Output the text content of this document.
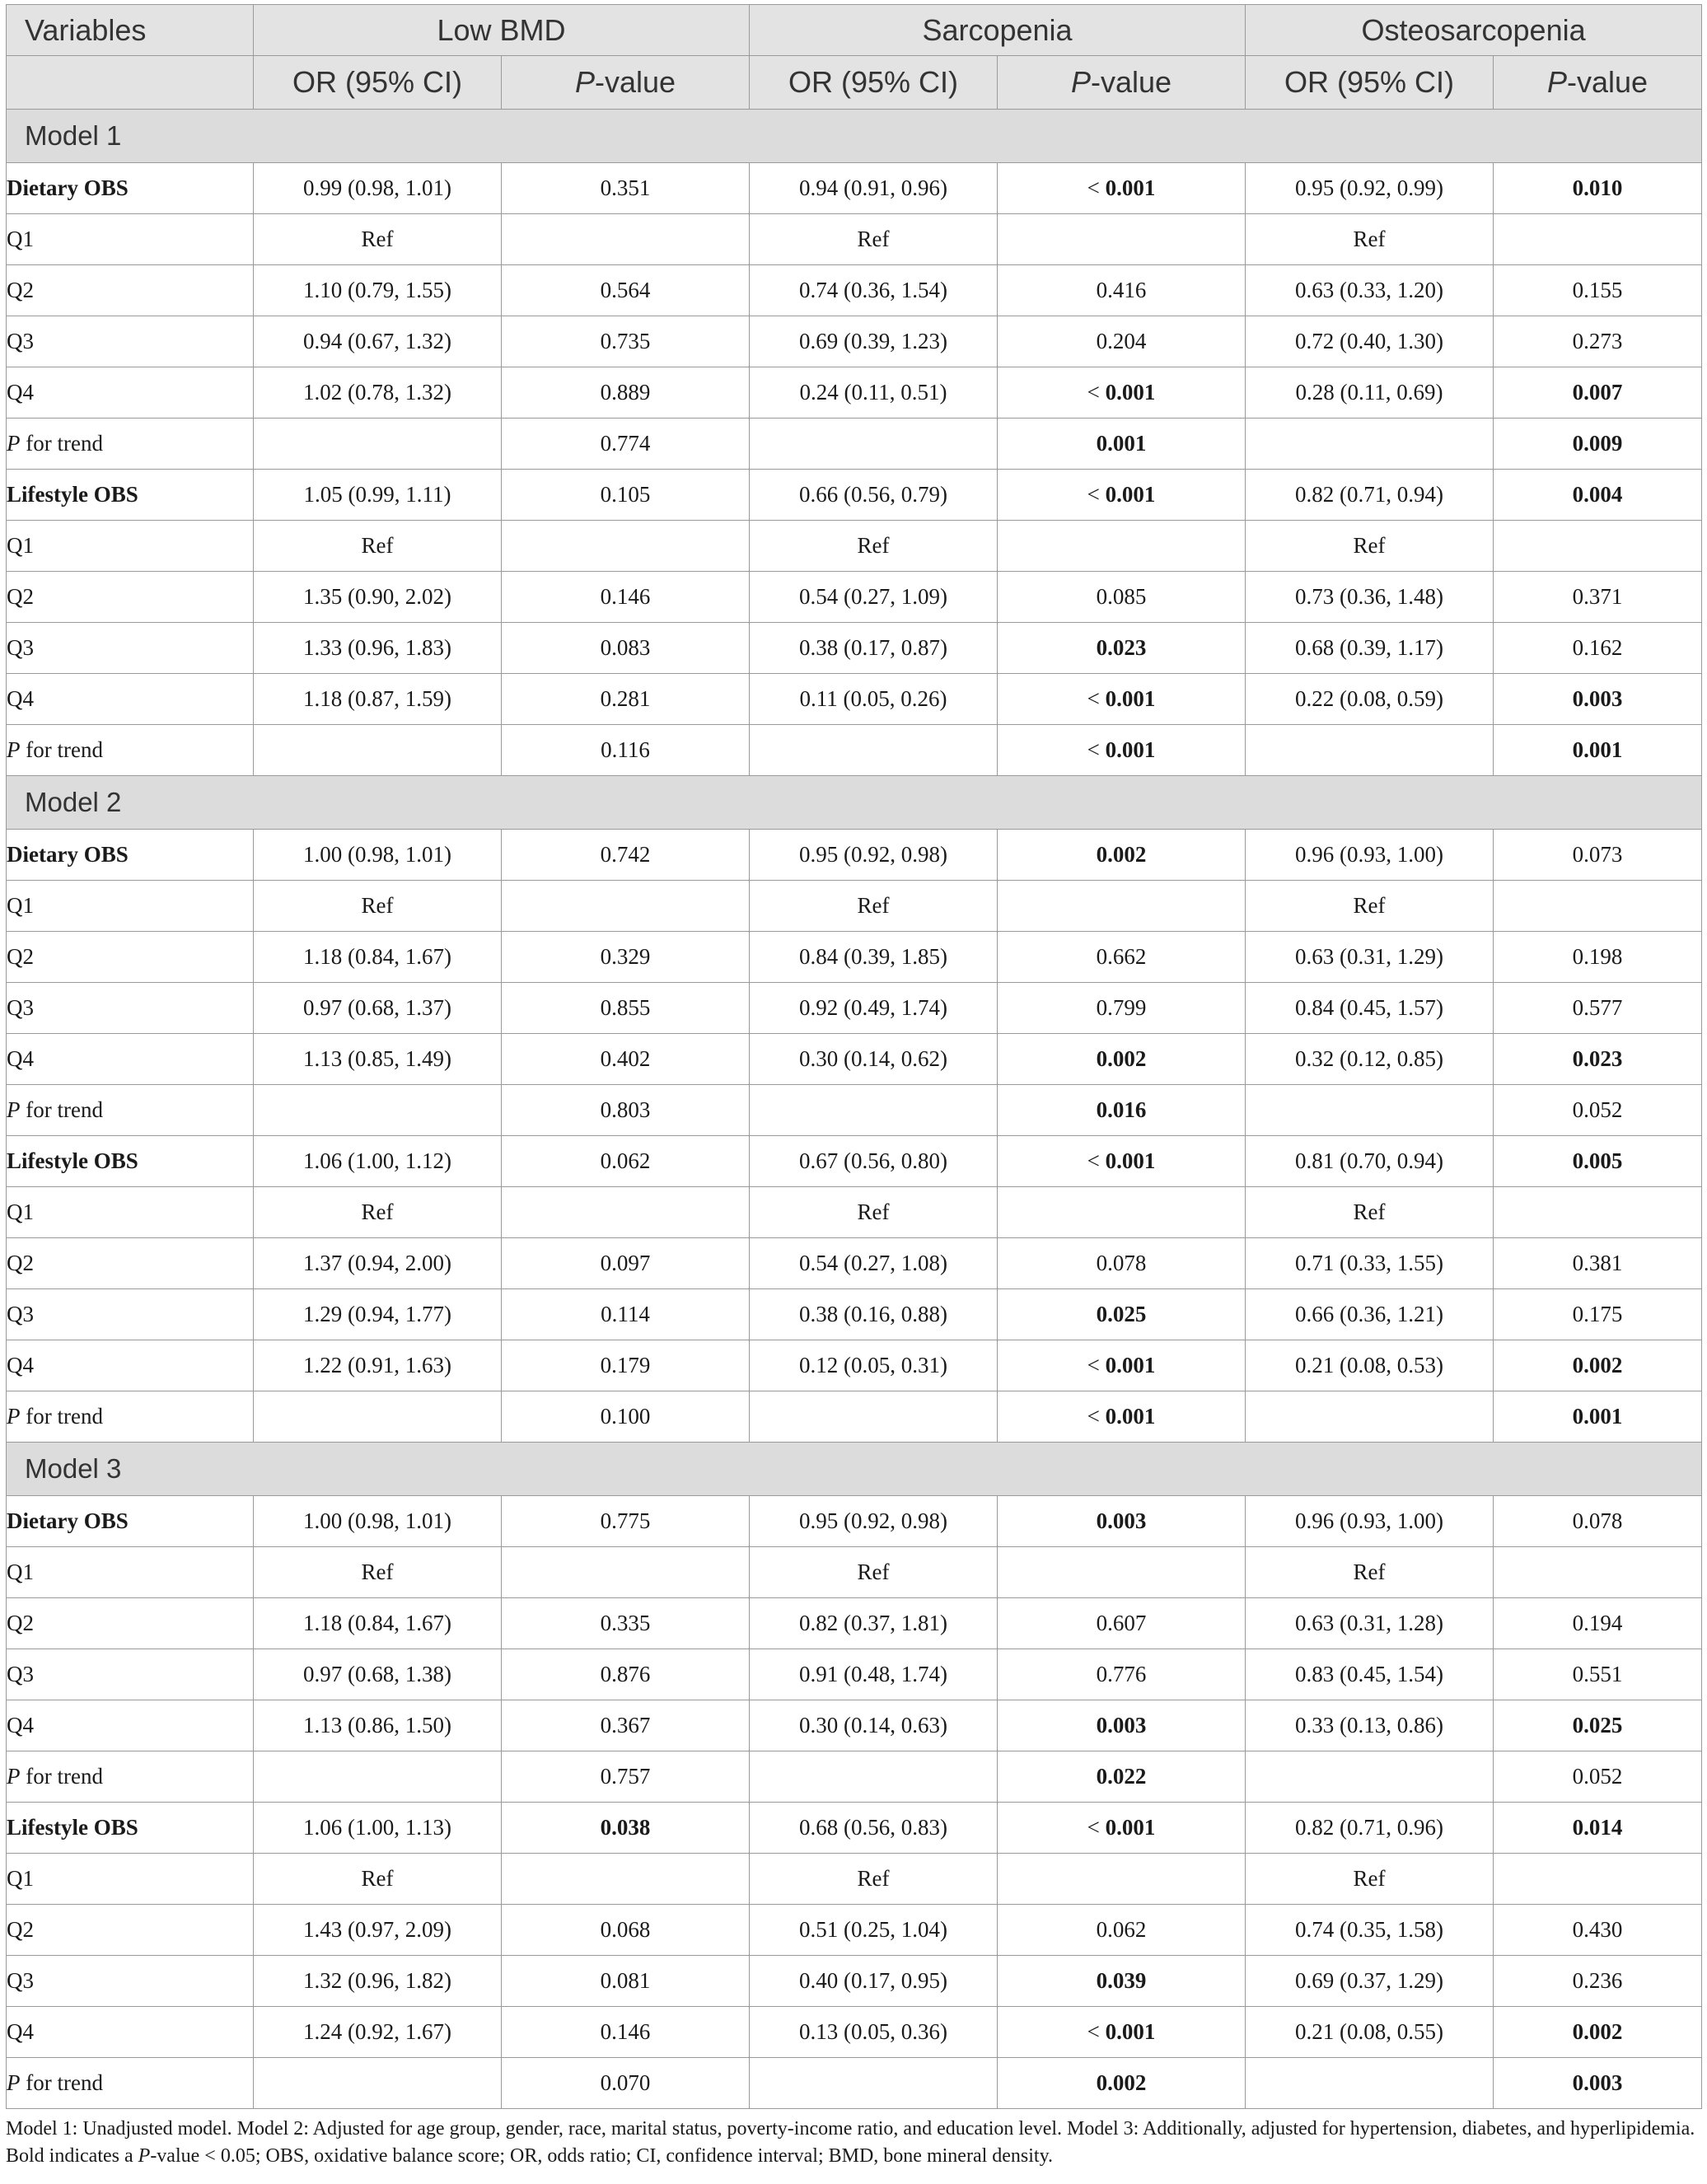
Variables	Low BMD		Sarcopenia		Osteosarcopenia	
	OR (95% CI)	P-value	OR (95% CI)	P-value	OR (95% CI)	P-value
Model 1						
Dietary OBS	0.99 (0.98, 1.01)	0.351	0.94 (0.91, 0.96)	< 0.001	0.95 (0.92, 0.99)	0.010
Q1	Ref		Ref		Ref	
Q2	1.10 (0.79, 1.55)	0.564	0.74 (0.36, 1.54)	0.416	0.63 (0.33, 1.20)	0.155
Q3	0.94 (0.67, 1.32)	0.735	0.69 (0.39, 1.23)	0.204	0.72 (0.40, 1.30)	0.273
Q4	1.02 (0.78, 1.32)	0.889	0.24 (0.11, 0.51)	< 0.001	0.28 (0.11, 0.69)	0.007
P for trend		0.774		0.001		0.009
Lifestyle OBS	1.05 (0.99, 1.11)	0.105	0.66 (0.56, 0.79)	< 0.001	0.82 (0.71, 0.94)	0.004
Q1	Ref		Ref		Ref	
Q2	1.35 (0.90, 2.02)	0.146	0.54 (0.27, 1.09)	0.085	0.73 (0.36, 1.48)	0.371
Q3	1.33 (0.96, 1.83)	0.083	0.38 (0.17, 0.87)	0.023	0.68 (0.39, 1.17)	0.162
Q4	1.18 (0.87, 1.59)	0.281	0.11 (0.05, 0.26)	< 0.001	0.22 (0.08, 0.59)	0.003
P for trend		0.116		< 0.001		0.001
Model 2						
Dietary OBS	1.00 (0.98, 1.01)	0.742	0.95 (0.92, 0.98)	0.002	0.96 (0.93, 1.00)	0.073
Q1	Ref		Ref		Ref	
Q2	1.18 (0.84, 1.67)	0.329	0.84 (0.39, 1.85)	0.662	0.63 (0.31, 1.29)	0.198
Q3	0.97 (0.68, 1.37)	0.855	0.92 (0.49, 1.74)	0.799	0.84 (0.45, 1.57)	0.577
Q4	1.13 (0.85, 1.49)	0.402	0.30 (0.14, 0.62)	0.002	0.32 (0.12, 0.85)	0.023
P for trend		0.803		0.016		0.052
Lifestyle OBS	1.06 (1.00, 1.12)	0.062	0.67 (0.56, 0.80)	< 0.001	0.81 (0.70, 0.94)	0.005
Q1	Ref		Ref		Ref	
Q2	1.37 (0.94, 2.00)	0.097	0.54 (0.27, 1.08)	0.078	0.71 (0.33, 1.55)	0.381
Q3	1.29 (0.94, 1.77)	0.114	0.38 (0.16, 0.88)	0.025	0.66 (0.36, 1.21)	0.175
Q4	1.22 (0.91, 1.63)	0.179	0.12 (0.05, 0.31)	< 0.001	0.21 (0.08, 0.53)	0.002
P for trend		0.100		< 0.001		0.001
Model 3						
Dietary OBS	1.00 (0.98, 1.01)	0.775	0.95 (0.92, 0.98)	0.003	0.96 (0.93, 1.00)	0.078
Q1	Ref		Ref		Ref	
Q2	1.18 (0.84, 1.67)	0.335	0.82 (0.37, 1.81)	0.607	0.63 (0.31, 1.28)	0.194
Q3	0.97 (0.68, 1.38)	0.876	0.91 (0.48, 1.74)	0.776	0.83 (0.45, 1.54)	0.551
Q4	1.13 (0.86, 1.50)	0.367	0.30 (0.14, 0.63)	0.003	0.33 (0.13, 0.86)	0.025
P for trend		0.757		0.022		0.052
Lifestyle OBS	1.06 (1.00, 1.13)	0.038	0.68 (0.56, 0.83)	< 0.001	0.82 (0.71, 0.96)	0.014
Q1	Ref		Ref		Ref	
Q2	1.43 (0.97, 2.09)	0.068	0.51 (0.25, 1.04)	0.062	0.74 (0.35, 1.58)	0.430
Q3	1.32 (0.96, 1.82)	0.081	0.40 (0.17, 0.95)	0.039	0.69 (0.37, 1.29)	0.236
Q4	1.24 (0.92, 1.67)	0.146	0.13 (0.05, 0.36)	< 0.001	0.21 (0.08, 0.55)	0.002
P for trend		0.070		0.002		0.003
Model 1: Unadjusted model. Model 2: Adjusted for age group, gender, race, marital status, poverty-income ratio, and education level. Model 3: Additionally, adjusted for hypertension, diabetes, and hyperlipidemia. Bold indicates a P-value < 0.05; OBS, oxidative balance score; OR, odds ratio; CI, confidence interval; BMD, bone mineral density.
